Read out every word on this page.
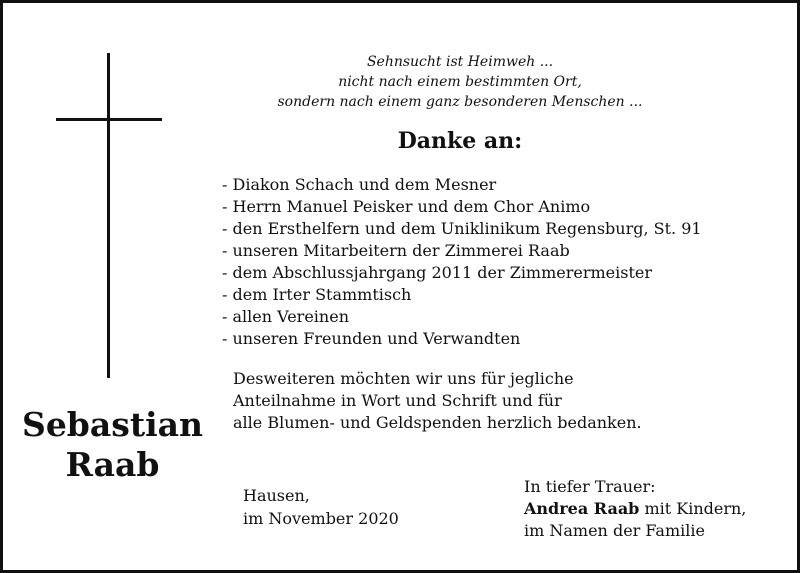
Sehnsucht ist Heimweh ...
nicht nach einem bestimmten Ort,
sondern nach einem ganz besonderen Menschen ...
Danke an:
- Diakon Schach und dem Mesner
- Herrn Manuel Peisker und dem Chor Animo
- den Ersthelfern und dem Uniklinikum Regensburg, St. 91
- unseren Mitarbeitern der Zimmerei Raab
- dem Abschlussjahrgang 2011 der Zimmerermeister
- dem Irter Stammtisch
- allen Vereinen
- unseren Freunden und Verwandten
Desweiteren möchten wir uns für jegliche
Anteilnahme in Wort und Schrift und für
alle Blumen- und Geldspenden herzlich bedanken.
Sebastian
Raab
Hausen,
im November 2020
In tiefer Trauer:
Andrea Raab mit Kindern,
im Namen der Familie
